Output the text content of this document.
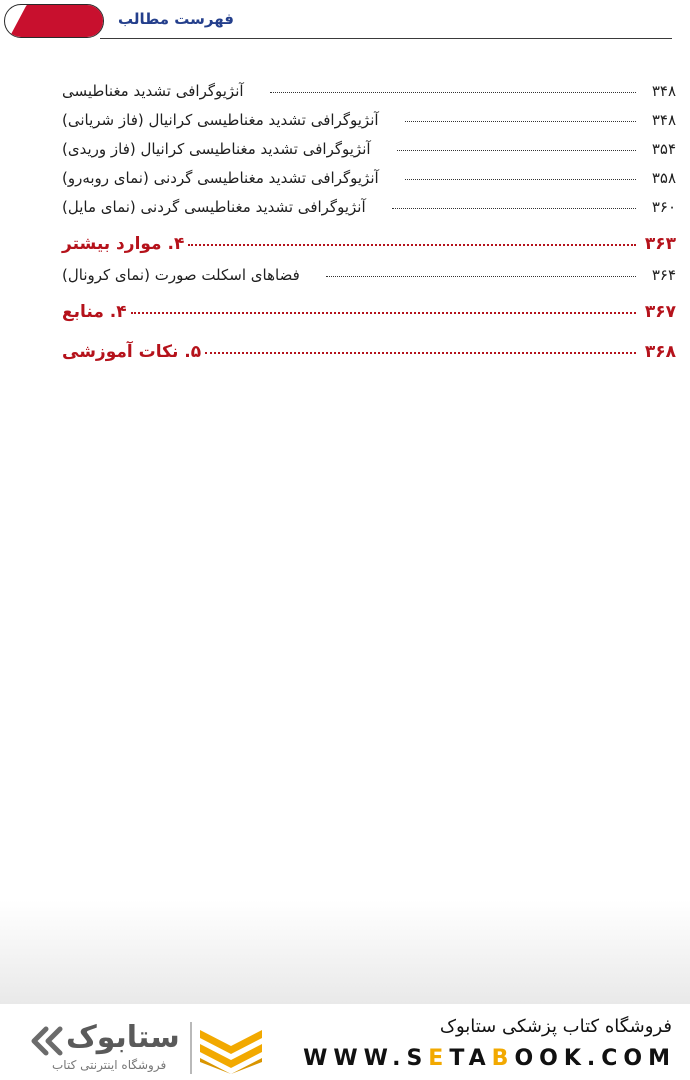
فهرست مطالب
آنژیوگرافی تشدید مغناطیسی	۳۴۸
آنژیوگرافی تشدید مغناطیسی کرانیال (فاز شریانی)	۳۴۸
آنژیوگرافی تشدید مغناطیسی کرانیال (فاز وریدی)	۳۵۴
آنژیوگرافی تشدید مغناطیسی گردنی (نمای روبه‌رو)	۳۵۸
آنژیوگرافی تشدید مغناطیسی گردنی (نمای مایل)	۳۶۰
۴. موارد بیشتر	۳۶۳
فضاهای اسکلت صورت (نمای کرونال)	۳۶۴
۴. منابع	۳۶۷
۵. نکات آموزشی	۳۶۸
ستابوک
فروشگاه اینترنتی کتاب
فروشگاه کتاب پزشکی ستابوک
WWW.SETABOOK.COM
